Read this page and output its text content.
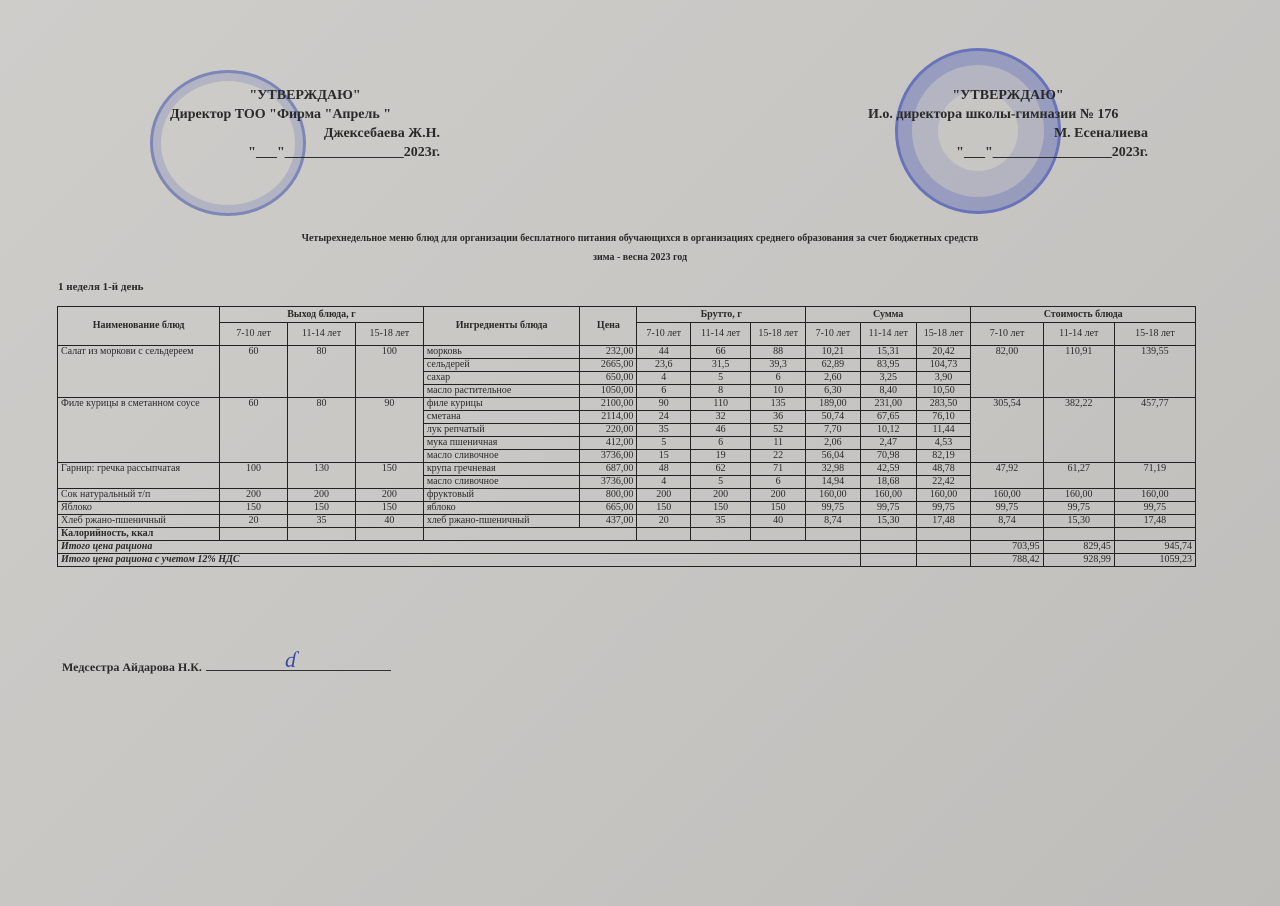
"УТВЕРЖДАЮ"
Директор ТОО "Фирма "Апрель "
Джексебаева Ж.Н.
"___"_________________2023г.
"УТВЕРЖДАЮ"
И.о. директора школы-гимназии № 176
М. Есеналиева
"___"_________________2023г.
Четырехнедельное меню блюд для организации бесплатного питания обучающихся в организациях среднего образования за счет бюджетных средств
зима - весна 2023 год
1 неделя 1-й день
Наименование блюд	Выход блюда, г			Ингредиенты блюда	Цена	Брутто, г			Сумма			Стоимость блюда		
	7-10 лет	11-14 лет	15-18 лет			7-10 лет	11-14 лет	15-18 лет	7-10 лет	11-14 лет	15-18 лет	7-10 лет	11-14 лет	15-18 лет
Салат из моркови с сельдереем	60	80	100	морковь	232,00	44	66	88	10,21	15,31	20,42	82,00	110,91	139,55
				сельдерей	2665,00	23,6	31,5	39,3	62,89	83,95	104,73			
				сахар	650,00	4	5	6	2,60	3,25	3,90			
				масло растительное	1050,00	6	8	10	6,30	8,40	10,50			
Филе курицы в сметанном соусе	60	80	90	филе курицы	2100,00	90	110	135	189,00	231,00	283,50	305,54	382,22	457,77
				сметана	2114,00	24	32	36	50,74	67,65	76,10			
				лук репчатый	220,00	35	46	52	7,70	10,12	11,44			
				мука пшеничная	412,00	5	6	11	2,06	2,47	4,53			
				масло сливочное	3736,00	15	19	22	56,04	70,98	82,19			
Гарнир: гречка рассыпчатая	100	130	150	крупа гречневая	687,00	48	62	71	32,98	42,59	48,78	47,92	61,27	71,19
				масло сливочное	3736,00	4	5	6	14,94	18,68	22,42			
Сок натуральный т/п	200	200	200	фруктовый	800,00	200	200	200	160,00	160,00	160,00	160,00	160,00	160,00
Яблоко	150	150	150	яблоко	665,00	150	150	150	99,75	99,75	99,75	99,75	99,75	99,75
Хлеб ржано-пшеничный	20	35	40	хлеб ржано-пшеничный	437,00	20	35	40	8,74	15,30	17,48	8,74	15,30	17,48
Калорийность, ккал														
Итого цена рациона												703,95	829,45	945,74
Итого цена рациона с учетом 12% НДС												788,42	928,99	1059,23
Медсестра Айдарова Н.К.	ɗ
